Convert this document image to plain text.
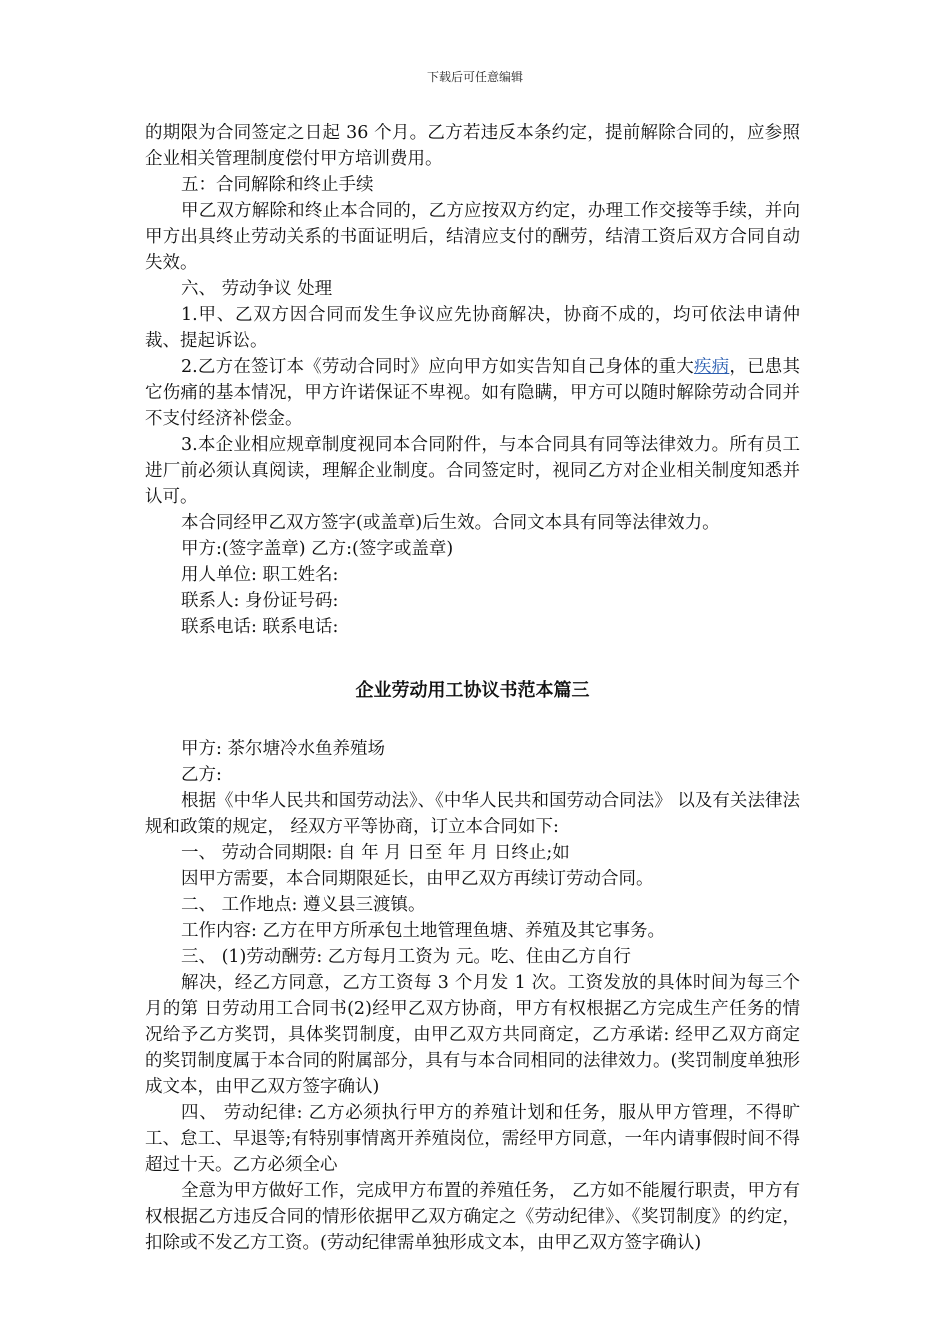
下载后可任意编辑

的期限为合同签定之日起 36 个月。乙方若违反本条约定，提前解除合同的，应参照企业相关管理制度偿付甲方培训费用。

五：合同解除和终止手续

甲乙双方解除和终止本合同的，乙方应按双方约定，办理工作交接等手续，并向甲方出具终止劳动关系的书面证明后，结清应支付的酬劳，结清工资后双方合同自动失效。

六、 劳动争议 处理

1.甲、乙双方因合同而发生争议应先协商解决，协商不成的，均可依法申请仲裁、提起诉讼。

2.乙方在签订本《劳动合同时》应向甲方如实告知自己身体的重大疾病，已患其它伤痛的基本情况，甲方许诺保证不卑视。如有隐瞒，甲方可以随时解除劳动合同并不支付经济补偿金。

3.本企业相应规章制度视同本合同附件，与本合同具有同等法律效力。所有员工进厂前必须认真阅读，理解企业制度。合同签定时，视同乙方对企业相关制度知悉并认可。

本合同经甲乙双方签字(或盖章)后生效。合同文本具有同等法律效力。

甲方:(签字盖章) 乙方:(签字或盖章)

用人单位: 职工姓名:

联系人: 身份证号码:

联系电话: 联系电话:

企业劳动用工协议书范本篇三

甲方: 茶尔塘冷水鱼养殖场

乙方:

根据《中华人民共和国劳动法》、《中华人民共和国劳动合同法》 以及有关法律法规和政策的规定， 经双方平等协商，订立本合同如下:

一、 劳动合同期限: 自 年 月 日至 年 月 日终止;如

因甲方需要，本合同期限延长，由甲乙双方再续订劳动合同。

二、 工作地点: 遵义县三渡镇。

工作内容: 乙方在甲方所承包土地管理鱼塘、养殖及其它事务。

三、 (1)劳动酬劳: 乙方每月工资为 元。吃、住由乙方自行

解决，经乙方同意，乙方工资每 3 个月发 1 次。工资发放的具体时间为每三个月的第 日劳动用工合同书(2)经甲乙双方协商，甲方有权根据乙方完成生产任务的情况给予乙方奖罚，具体奖罚制度，由甲乙双方共同商定，乙方承诺: 经甲乙双方商定的奖罚制度属于本合同的附属部分，具有与本合同相同的法律效力。(奖罚制度单独形成文本，由甲乙双方签字确认)

四、 劳动纪律: 乙方必须执行甲方的养殖计划和任务，服从甲方管理，不得旷工、怠工、早退等;有特别事情离开养殖岗位，需经甲方同意，一年内请事假时间不得超过十天。乙方必须全心

全意为甲方做好工作，完成甲方布置的养殖任务， 乙方如不能履行职责，甲方有权根据乙方违反合同的情形依据甲乙双方确定之《劳动纪律》、《奖罚制度》的约定，扣除或不发乙方工资。(劳动纪律需单独形成文本，由甲乙双方签字确认)
